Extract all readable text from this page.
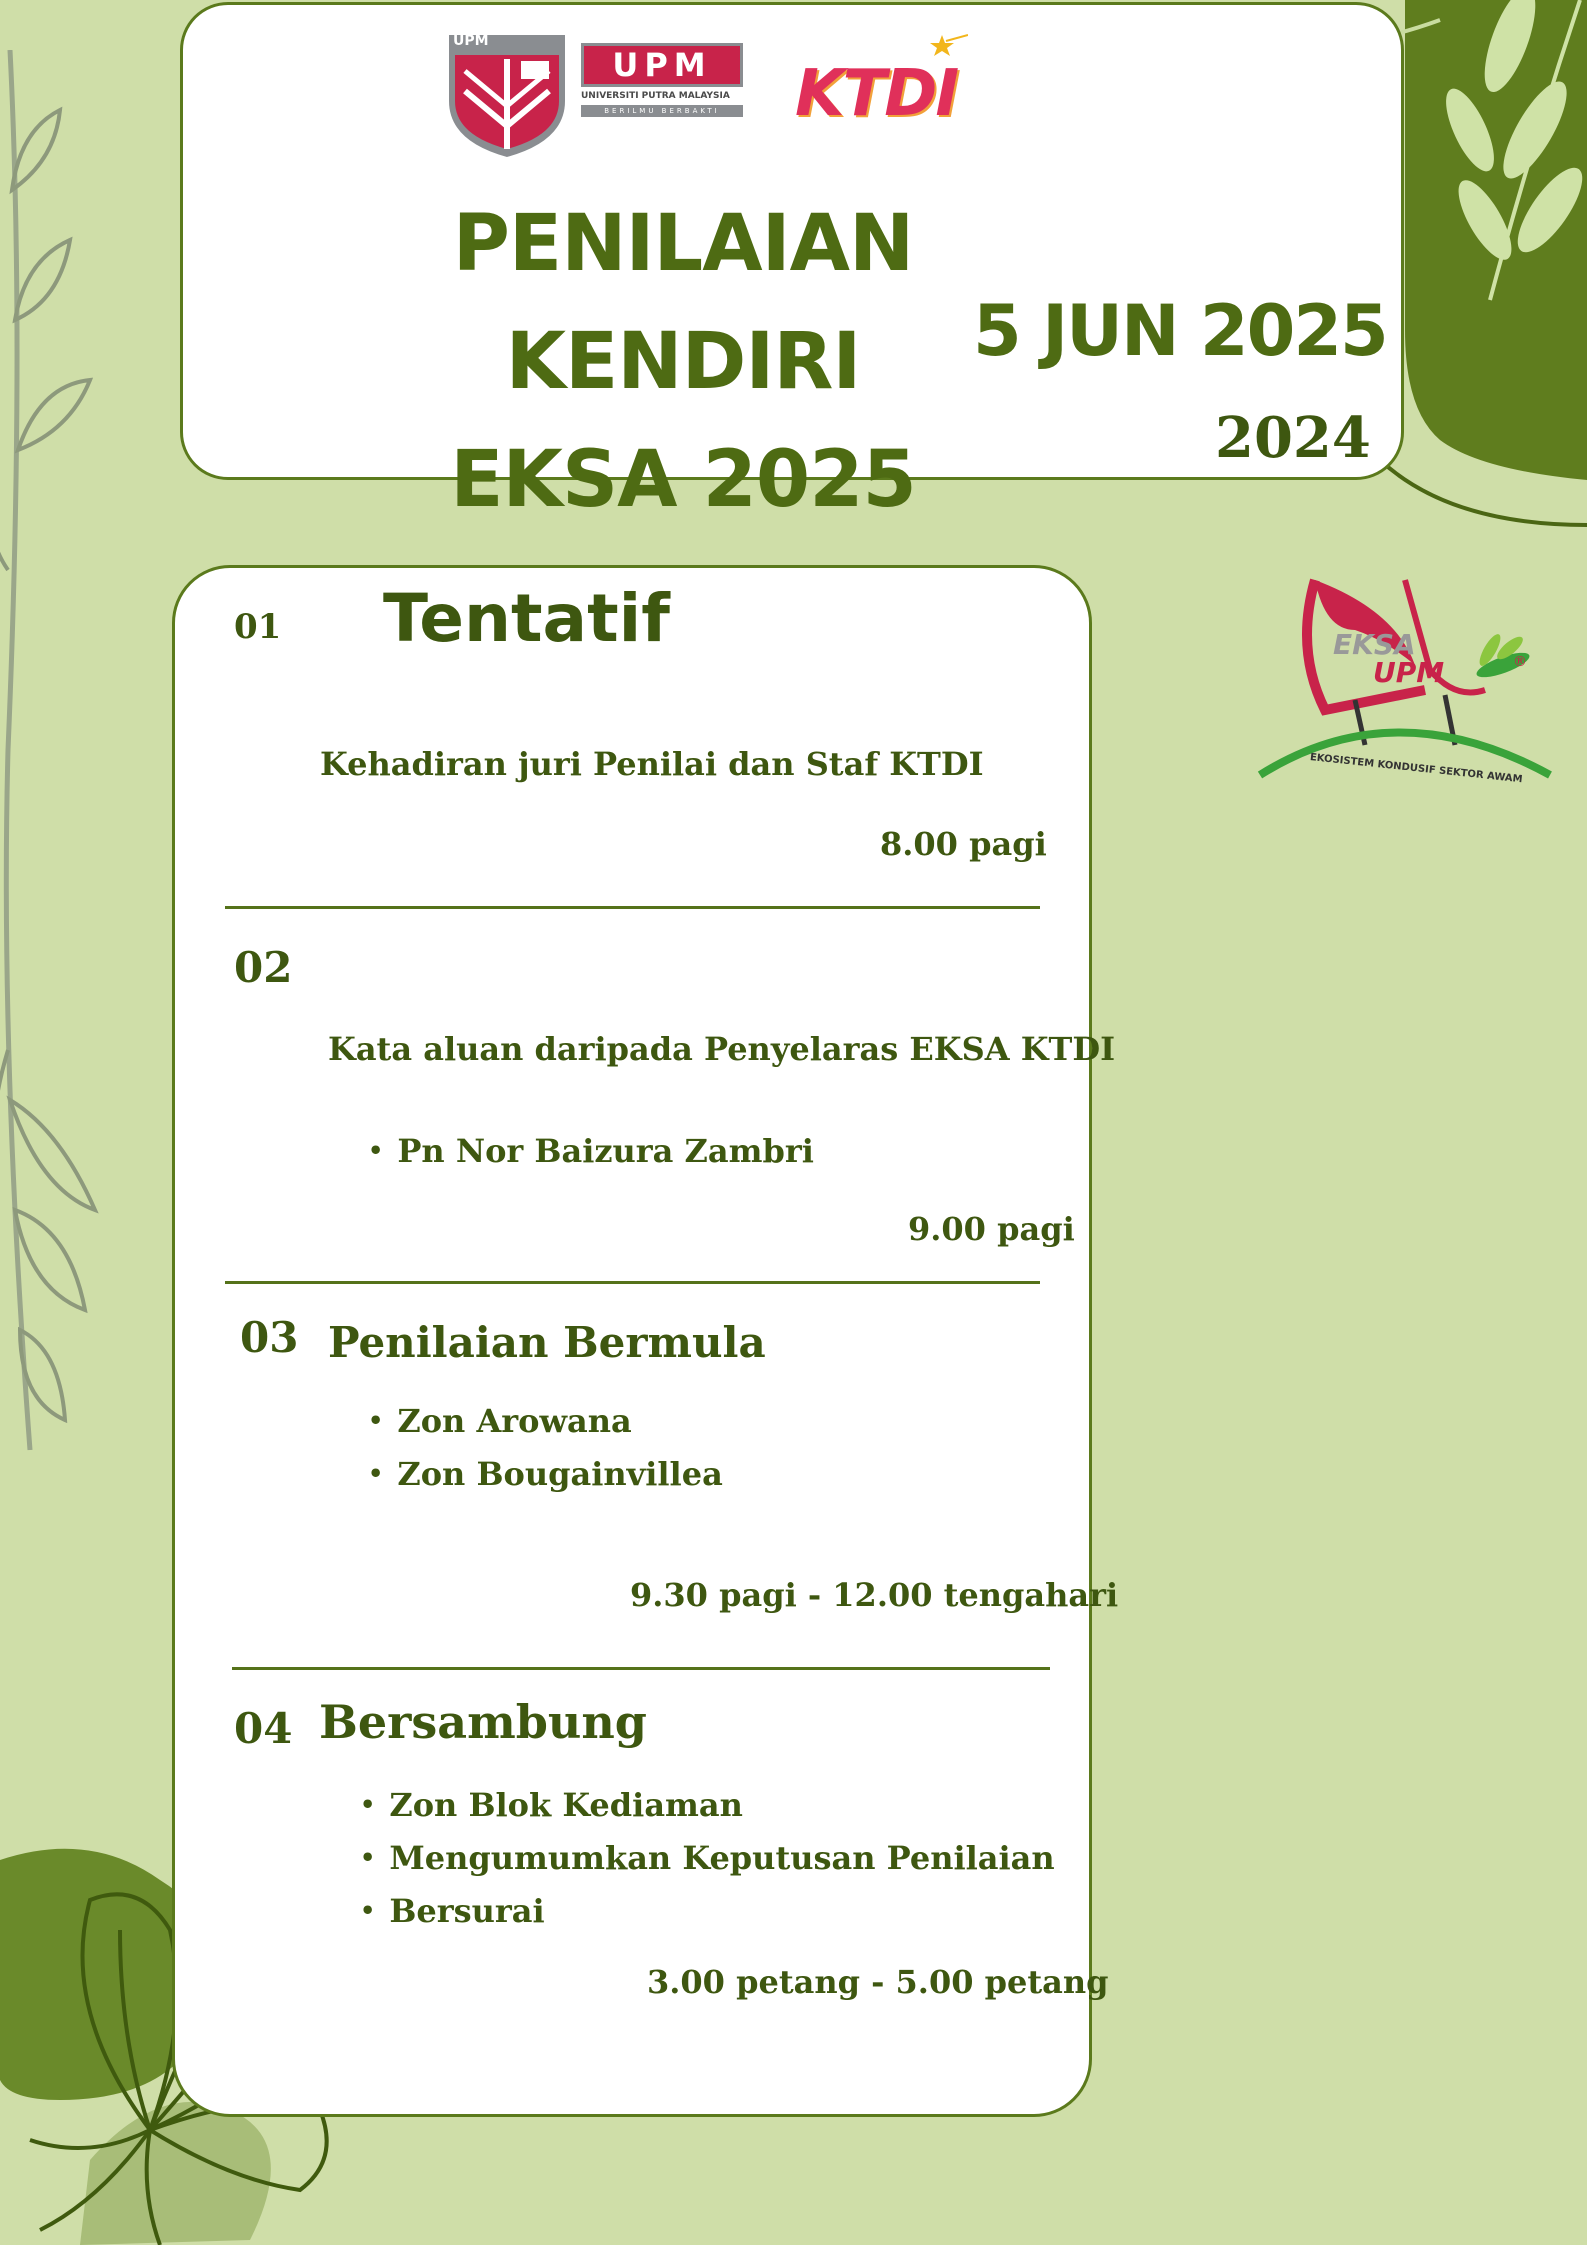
UPM
UPM
UNIVERSITI PUTRA MALAYSIA
BERILMU BERBAKTI	KTDI
PENILAIAN KENDIRI
EKSA 2025

5 JUN 2025

2024

EKSA
UPM	®
EKOSISTEM KONDUSIF SEKTOR AWAM
01 Tentatif

Kehadiran juri Penilai dan Staf KTDI

8.00 pagi

02

Kata aluan daripada Penyelaras EKSA KTDI

• Pn Nor Baizura Zambri

9.00 pagi

03 Penilaian Bermula
• Zon Arowana
• Zon Bougainvillea

9.30 pagi - 12.00 tengahari

04 Bersambung
• Zon Blok Kediaman
• Mengumumkan Keputusan Penilaian
• Bersurai

3.00 petang - 5.00 petang
